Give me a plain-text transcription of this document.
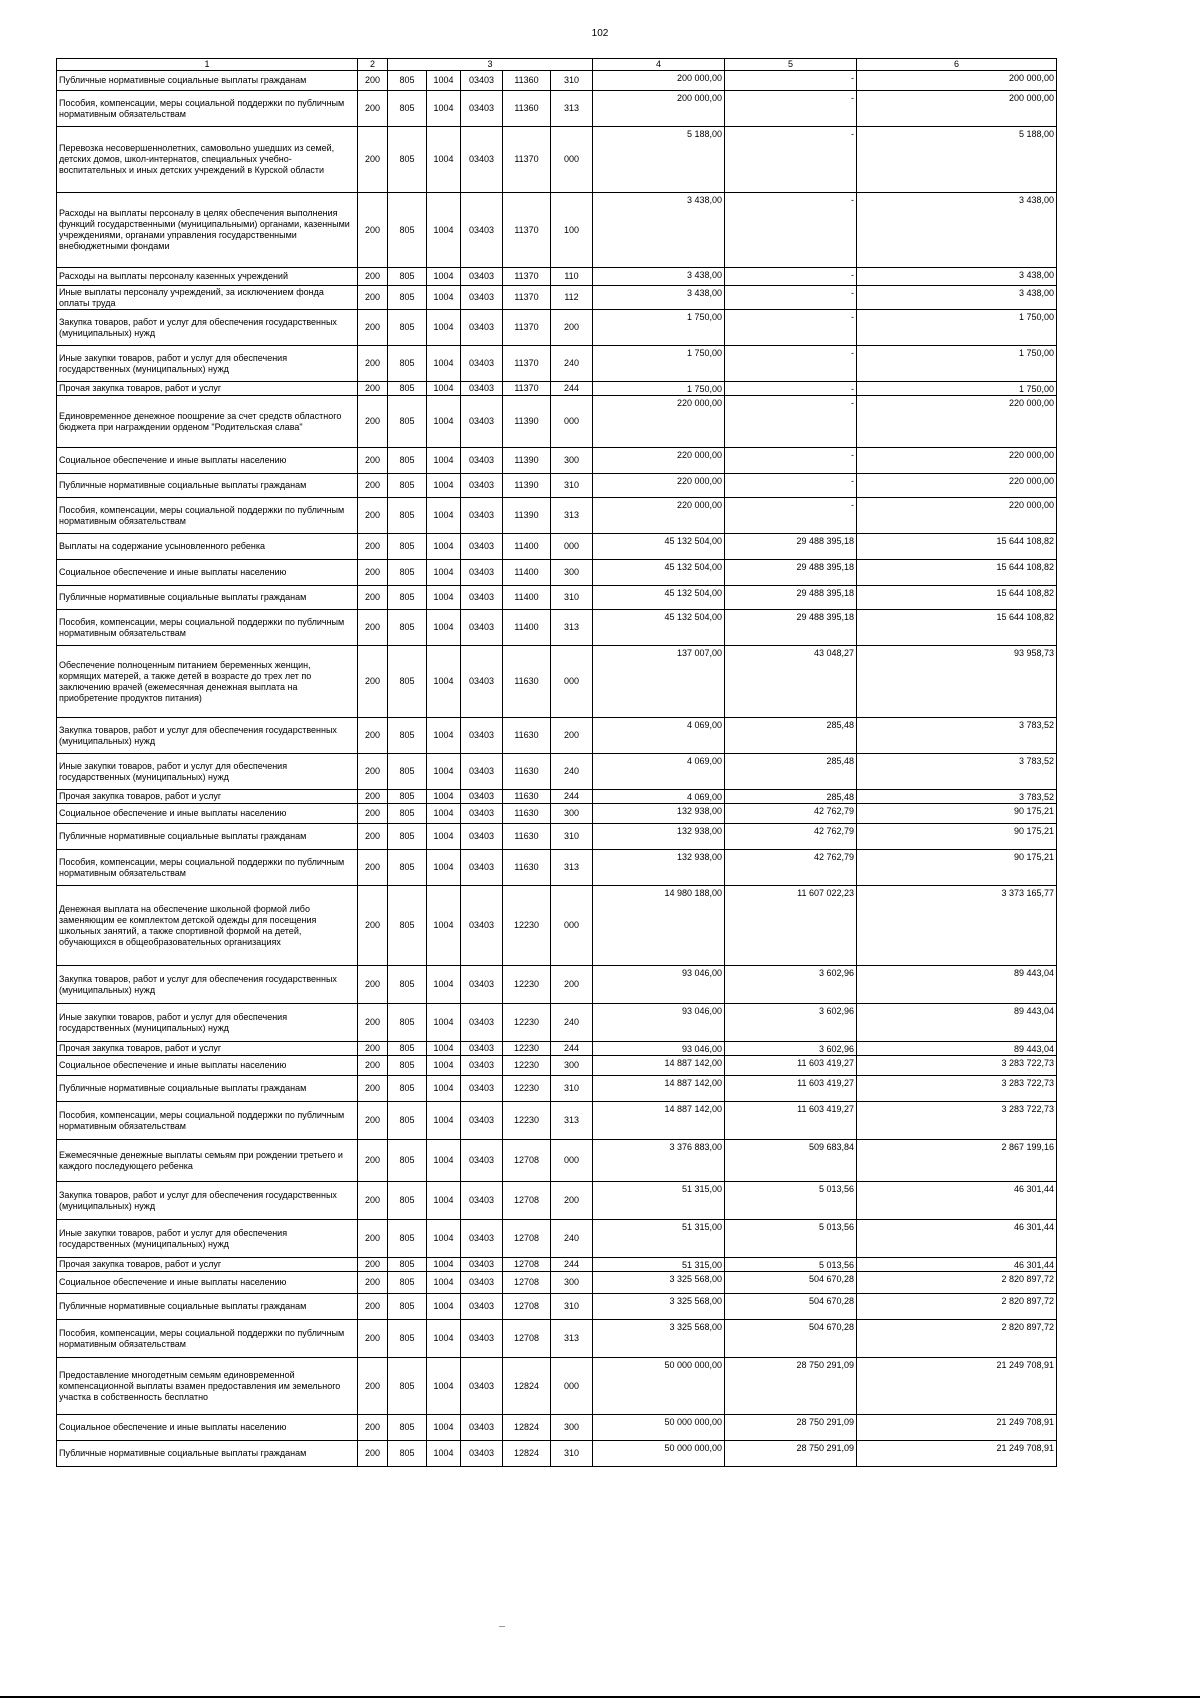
102
1	2	3					4	5	6
Публичные нормативные социальные выплаты гражданам	200	805	1004	03403	11360	310	200 000,00	-	200 000,00
Пособия, компенсации, меры социальной поддержки по публичным нормативным обязательствам	200	805	1004	03403	11360	313	200 000,00	-	200 000,00
Перевозка несовершеннолетних, самовольно ушедших из семей, детских домов, школ-интернатов, специальных учебно-воспитательных и иных детских учреждений в Курской области	200	805	1004	03403	11370	000	5 188,00	-	5 188,00
Расходы на выплаты персоналу в целях обеспечения выполнения функций государственными (муниципальными) органами, казенными учреждениями, органами управления государственными внебюджетными фондами	200	805	1004	03403	11370	100	3 438,00	-	3 438,00
Расходы на выплаты персоналу казенных учреждений	200	805	1004	03403	11370	110	3 438,00	-	3 438,00
Иные выплаты персоналу учреждений, за исключением фонда оплаты труда	200	805	1004	03403	11370	112	3 438,00	-	3 438,00
Закупка товаров, работ и услуг для обеспечения государственных (муниципальных) нужд	200	805	1004	03403	11370	200	1 750,00	-	1 750,00
Иные закупки товаров, работ и услуг для обеспечения государственных (муниципальных) нужд	200	805	1004	03403	11370	240	1 750,00	-	1 750,00
Прочая закупка товаров, работ и услуг	200	805	1004	03403	11370	244	1 750,00	-	1 750,00
Единовременное денежное поощрение за счет средств областного бюджета при награждении орденом "Родительская слава"	200	805	1004	03403	11390	000	220 000,00	-	220 000,00
Социальное обеспечение и иные выплаты населению	200	805	1004	03403	11390	300	220 000,00	-	220 000,00
Публичные нормативные социальные выплаты гражданам	200	805	1004	03403	11390	310	220 000,00	-	220 000,00
Пособия, компенсации, меры социальной поддержки по публичным нормативным обязательствам	200	805	1004	03403	11390	313	220 000,00	-	220 000,00
Выплаты на содержание усыновленного ребенка	200	805	1004	03403	11400	000	45 132 504,00	29 488 395,18	15 644 108,82
Социальное обеспечение и иные выплаты населению	200	805	1004	03403	11400	300	45 132 504,00	29 488 395,18	15 644 108,82
Публичные нормативные социальные выплаты гражданам	200	805	1004	03403	11400	310	45 132 504,00	29 488 395,18	15 644 108,82
Пособия, компенсации, меры социальной поддержки по публичным нормативным обязательствам	200	805	1004	03403	11400	313	45 132 504,00	29 488 395,18	15 644 108,82
Обеспечение полноценным питанием беременных женщин, кормящих матерей, а также детей в возрасте до трех лет по заключению врачей (ежемесячная денежная выплата на приобретение продуктов питания)	200	805	1004	03403	11630	000	137 007,00	43 048,27	93 958,73
Закупка товаров, работ и услуг для обеспечения государственных (муниципальных) нужд	200	805	1004	03403	11630	200	4 069,00	285,48	3 783,52
Иные закупки товаров, работ и услуг для обеспечения государственных (муниципальных) нужд	200	805	1004	03403	11630	240	4 069,00	285,48	3 783,52
Прочая закупка товаров, работ и услуг	200	805	1004	03403	11630	244	4 069,00	285,48	3 783,52
Социальное обеспечение и иные выплаты населению	200	805	1004	03403	11630	300	132 938,00	42 762,79	90 175,21
Публичные нормативные социальные выплаты гражданам	200	805	1004	03403	11630	310	132 938,00	42 762,79	90 175,21
Пособия, компенсации, меры социальной поддержки по публичным нормативным обязательствам	200	805	1004	03403	11630	313	132 938,00	42 762,79	90 175,21
Денежная выплата на обеспечение школьной формой либо заменяющим ее комплектом детской одежды для посещения школьных занятий, а также спортивной формой на детей, обучающихся в общеобразовательных организациях	200	805	1004	03403	12230	000	14 980 188,00	11 607 022,23	3 373 165,77
Закупка товаров, работ и услуг для обеспечения государственных (муниципальных) нужд	200	805	1004	03403	12230	200	93 046,00	3 602,96	89 443,04
Иные закупки товаров, работ и услуг для обеспечения государственных (муниципальных) нужд	200	805	1004	03403	12230	240	93 046,00	3 602,96	89 443,04
Прочая закупка товаров, работ и услуг	200	805	1004	03403	12230	244	93 046,00	3 602,96	89 443,04
Социальное обеспечение и иные выплаты населению	200	805	1004	03403	12230	300	14 887 142,00	11 603 419,27	3 283 722,73
Публичные нормативные социальные выплаты гражданам	200	805	1004	03403	12230	310	14 887 142,00	11 603 419,27	3 283 722,73
Пособия, компенсации, меры социальной поддержки по публичным нормативным обязательствам	200	805	1004	03403	12230	313	14 887 142,00	11 603 419,27	3 283 722,73
Ежемесячные денежные выплаты семьям при рождении третьего и каждого последующего ребенка	200	805	1004	03403	12708	000	3 376 883,00	509 683,84	2 867 199,16
Закупка товаров, работ и услуг для обеспечения государственных (муниципальных) нужд	200	805	1004	03403	12708	200	51 315,00	5 013,56	46 301,44
Иные закупки товаров, работ и услуг для обеспечения государственных (муниципальных) нужд	200	805	1004	03403	12708	240	51 315,00	5 013,56	46 301,44
Прочая закупка товаров, работ и услуг	200	805	1004	03403	12708	244	51 315,00	5 013,56	46 301,44
Социальное обеспечение и иные выплаты населению	200	805	1004	03403	12708	300	3 325 568,00	504 670,28	2 820 897,72
Публичные нормативные социальные выплаты гражданам	200	805	1004	03403	12708	310	3 325 568,00	504 670,28	2 820 897,72
Пособия, компенсации, меры социальной поддержки по публичным нормативным обязательствам	200	805	1004	03403	12708	313	3 325 568,00	504 670,28	2 820 897,72
Предоставление многодетным семьям единовременной компенсационной выплаты взамен предоставления им земельного участка в собственность бесплатно	200	805	1004	03403	12824	000	50 000 000,00	28 750 291,09	21 249 708,91
Социальное обеспечение и иные выплаты населению	200	805	1004	03403	12824	300	50 000 000,00	28 750 291,09	21 249 708,91
Публичные нормативные социальные выплаты гражданам	200	805	1004	03403	12824	310	50 000 000,00	28 750 291,09	21 249 708,91
